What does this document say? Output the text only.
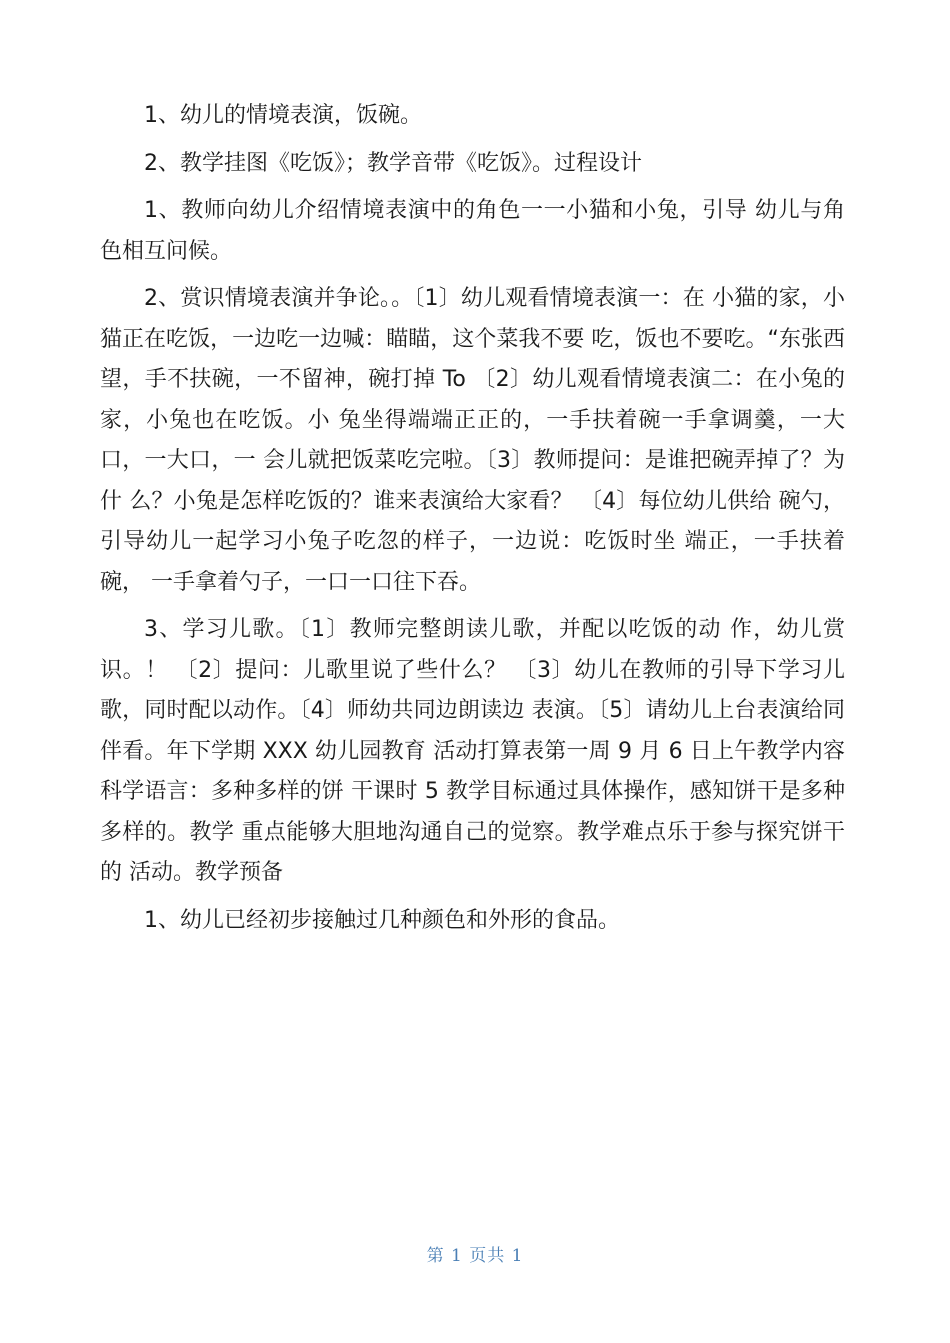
1、幼儿的情境表演，饭碗。

2、教学挂图《吃饭》；教学音带《吃饭》。过程设计

1、教师向幼儿介绍情境表演中的角色一一小猫和小兔，引导 幼儿与角色相互问候。

2、赏识情境表演并争论。。〔1〕幼儿观看情境表演一：在 小猫的家，小猫正在吃饭，一边吃一边喊：瞄瞄，这个菜我不要 吃，饭也不要吃。“东张西望，手不扶碗，一不留神，碗打掉 To 〔2〕幼儿观看情境表演二：在小兔的家，小兔也在吃饭。小 兔坐得端端正正的，一手扶着碗一手拿调羹，一大口，一大口，一 会儿就把饭菜吃完啦。〔3〕教师提问：是谁把碗弄掉了？为什 么？小兔是怎样吃饭的？谁来表演给大家看？ 〔4〕每位幼儿供给 碗勺，引导幼儿一起学习小兔子吃忽的样子，一边说：吃饭时坐 端正，一手扶着碗， 一手拿着勺子，一口一口往下吞。

3、学习儿歌。〔1〕教师完整朗读儿歌，并配以吃饭的动 作，幼儿赏识。！ 〔2〕提问：儿歌里说了些什么？ 〔3〕幼儿在教师的引导下学习儿歌，同时配以动作。〔4〕师幼共同边朗读边 表演。〔5〕请幼儿上台表演给同伴看。年下学期 XXX 幼儿园教育 活动打算表第一周 9 月 6 日上午教学内容科学语言：多种多样的饼 干课时 5 教学目标通过具体操作，感知饼干是多种多样的。教学 重点能够大胆地沟通自己的觉察。教学难点乐于参与探究饼干的 活动。教学预备

1、幼儿已经初步接触过几种颜色和外形的食品。

第 1 页共 1
